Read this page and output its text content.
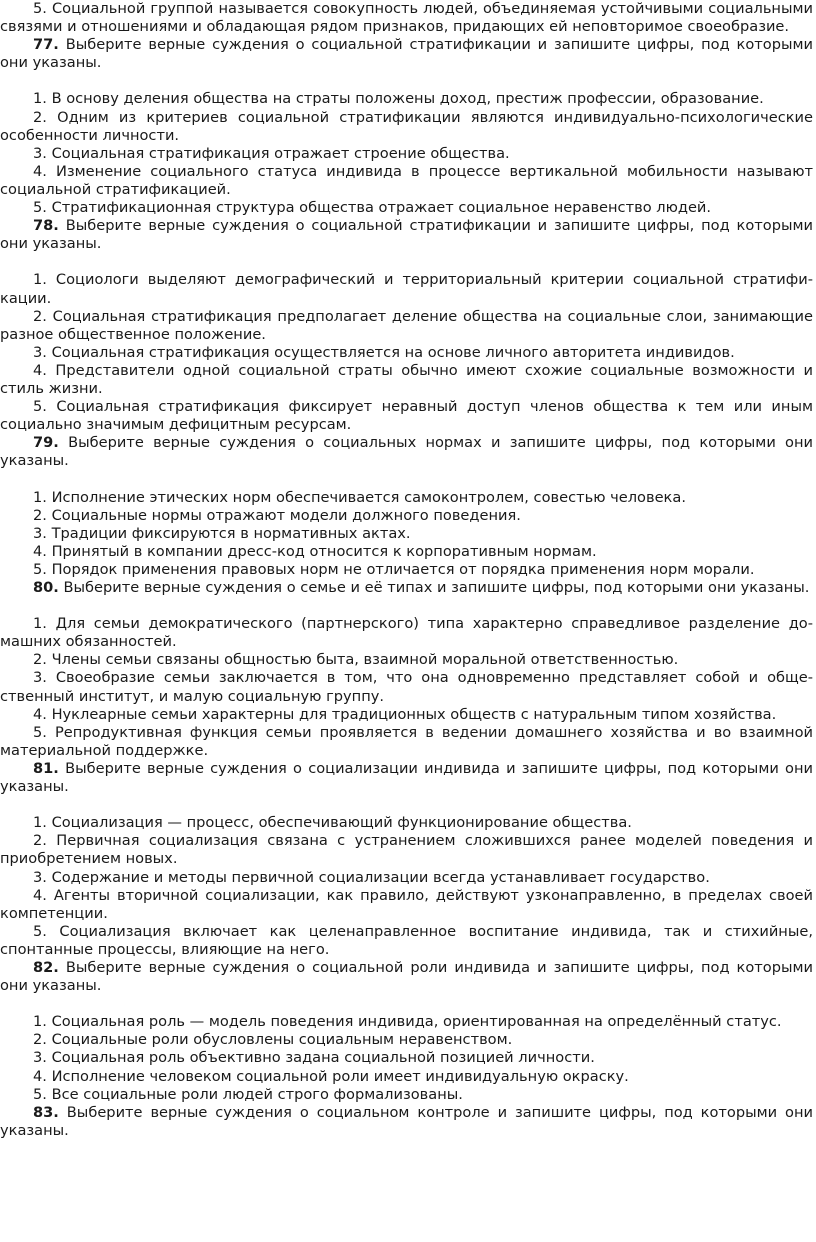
5. Социальной группой называется совокупность людей, объединяемая устойчивыми социальными связями и отношениями и обладающая рядом признаков, придающих ей неповторимое своеобразие.

77. Выберите верные суждения о социальной стратификации и запишите цифры, под которыми они указаны.

1. В основу деления общества на страты положены доход, престиж профессии, образование.

2. Одним из критериев социальной стратификации являются индивидуально-психологические особенности личности.

3. Социальная стратификация отражает строение общества.

4. Изменение социального статуса индивида в процессе вертикальной мобильности называют социальной стратификацией.

5. Стратификационная структура общества отражает социальное неравенство людей.

78. Выберите верные суждения о социальной стратификации и запишите цифры, под которыми они указаны.

1. Социологи выделяют демографический и территориальный критерии социальной стратификации.

2. Социальная стратификация предполагает деление общества на социальные слои, занимающие разное общественное положение.

3. Социальная стратификация осуществляется на основе личного авторитета индивидов.

4. Представители одной социальной страты обычно имеют схожие социальные возможности и стиль жизни.

5. Социальная стратификация фиксирует неравный доступ членов общества к тем или иным социально значимым дефицитным ресурсам.

79. Выберите верные суждения о социальных нормах и запишите цифры, под которыми они указаны.

1. Исполнение этических норм обеспечивается самоконтролем, совестью человека.

2. Социальные нормы отражают модели должного поведения.

3. Традиции фиксируются в нормативных актах.

4. Принятый в компании дресс-код относится к корпоративным нормам.

5. Порядок применения правовых норм не отличается от порядка применения норм морали.

80. Выберите верные суждения о семье и её типах и запишите цифры, под которыми они указаны.

1. Для семьи демократического (партнерского) типа характерно справедливое разделение домашних обязанностей.

2. Члены семьи связаны общностью быта, взаимной моральной ответственностью.

3. Своеобразие семьи заключается в том, что она одновременно представляет собой и общественный институт, и малую социальную группу.

4. Нуклеарные семьи характерны для традиционных обществ с натуральным типом хозяйства.

5. Репродуктивная функция семьи проявляется в ведении домашнего хозяйства и во взаимной материальной поддержке.

81. Выберите верные суждения о социализации индивида и запишите цифры, под которыми они указаны.

1. Социализация — процесс, обеспечивающий функционирование общества.

2. Первичная социализация связана с устранением сложившихся ранее моделей поведения и приобретением новых.

3. Содержание и методы первичной социализации всегда устанавливает государство.

4. Агенты вторичной социализации, как правило, действуют узконаправленно, в пределах своей компетенции.

5. Социализация включает как целенаправленное воспитание индивида, так и стихийные, спонтанные процессы, влияющие на него.

82. Выберите верные суждения о социальной роли индивида и запишите цифры, под которыми они указаны.

1. Социальная роль — модель поведения индивида, ориентированная на определённый статус.

2. Социальные роли обусловлены социальным неравенством.

3. Социальная роль объективно задана социальной позицией личности.

4. Исполнение человеком социальной роли имеет индивидуальную окраску.

5. Все социальные роли людей строго формализованы.

83. Выберите верные суждения о социальном контроле и запишите цифры, под которыми они указаны.
